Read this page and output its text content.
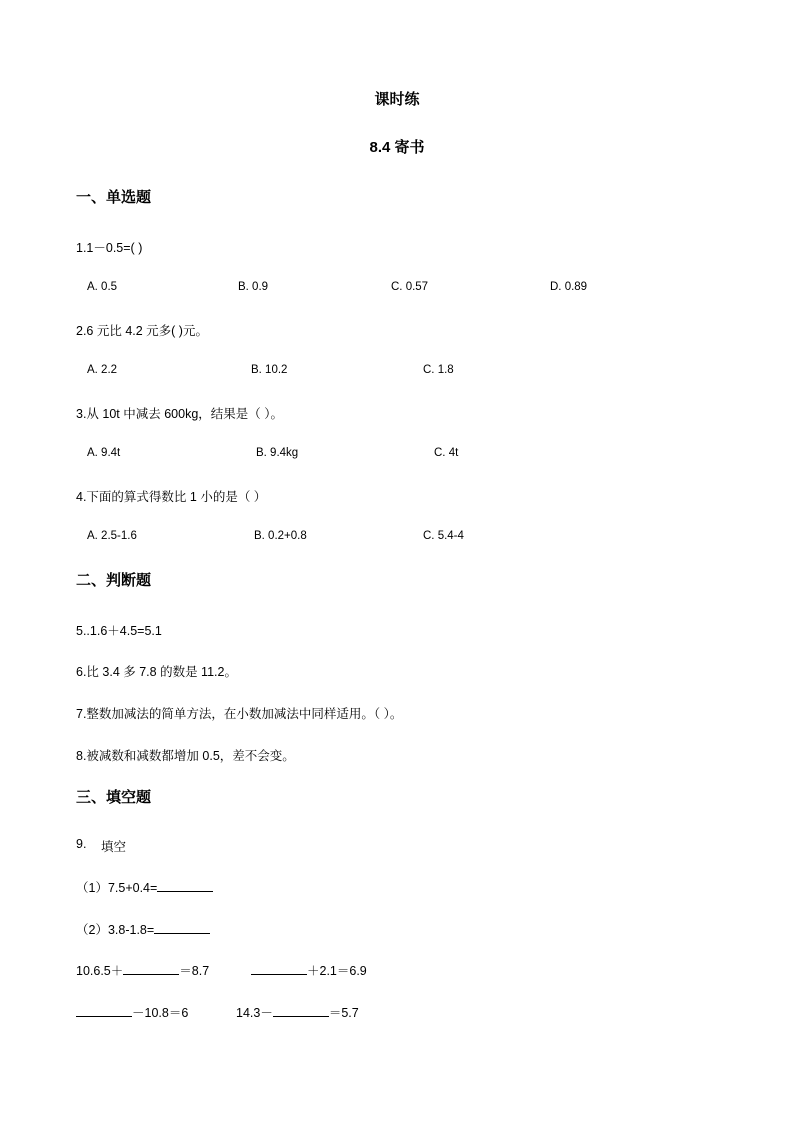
课时练
8.4 寄书
一、单选题
1.1－0.5=( )
A. 0.5	B. 0.9	C. 0.57	D. 0.89
2.6 元比 4.2 元多( )元。
A. 2.2	B. 10.2	C. 1.8
3.从 10t 中减去 600kg，结果是（ ）。
A. 9.4t	B. 9.4kg	C. 4t
4.下面的算式得数比 1 小的是（ ）
A. 2.5-1.6	B. 0.2+0.8	C. 5.4-4
二、判断题
5..1.6＋4.5=5.1
6.比 3.4 多 7.8 的数是 11.2。
7.整数加减法的简单方法，在小数加减法中同样适用。（ ）。
8.被减数和减数都增加 0.5，差不会变。
三、填空题
9. 填空
（1）7.5+0.4=
（2）3.8-1.8=
10.6.5＋	＝8.7	＋2.1＝6.9
－10.8＝6	14.3－	＝5.7
